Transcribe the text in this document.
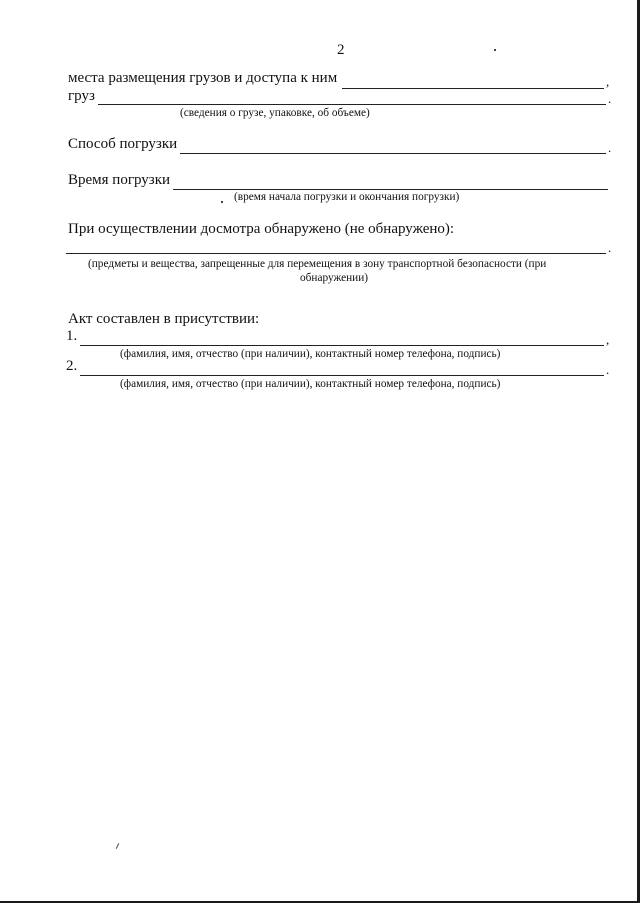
2
места размещения грузов и доступа к ним	,
груз	.
(сведения о грузе, упаковке, об объеме)
Способ погрузки	.
Время погрузки
(время начала погрузки и окончания погрузки)
При осуществлении досмотра обнаружено (не обнаружено):
.
(предметы и вещества, запрещенные для перемещения в зону транспортной безопасности (при
обнаружении)
Акт составлен в присутствии:
1.	,
(фамилия, имя, отчество (при наличии), контактный номер телефона, подпись)
2.	.
(фамилия, имя, отчество (при наличии), контактный номер телефона, подпись)
